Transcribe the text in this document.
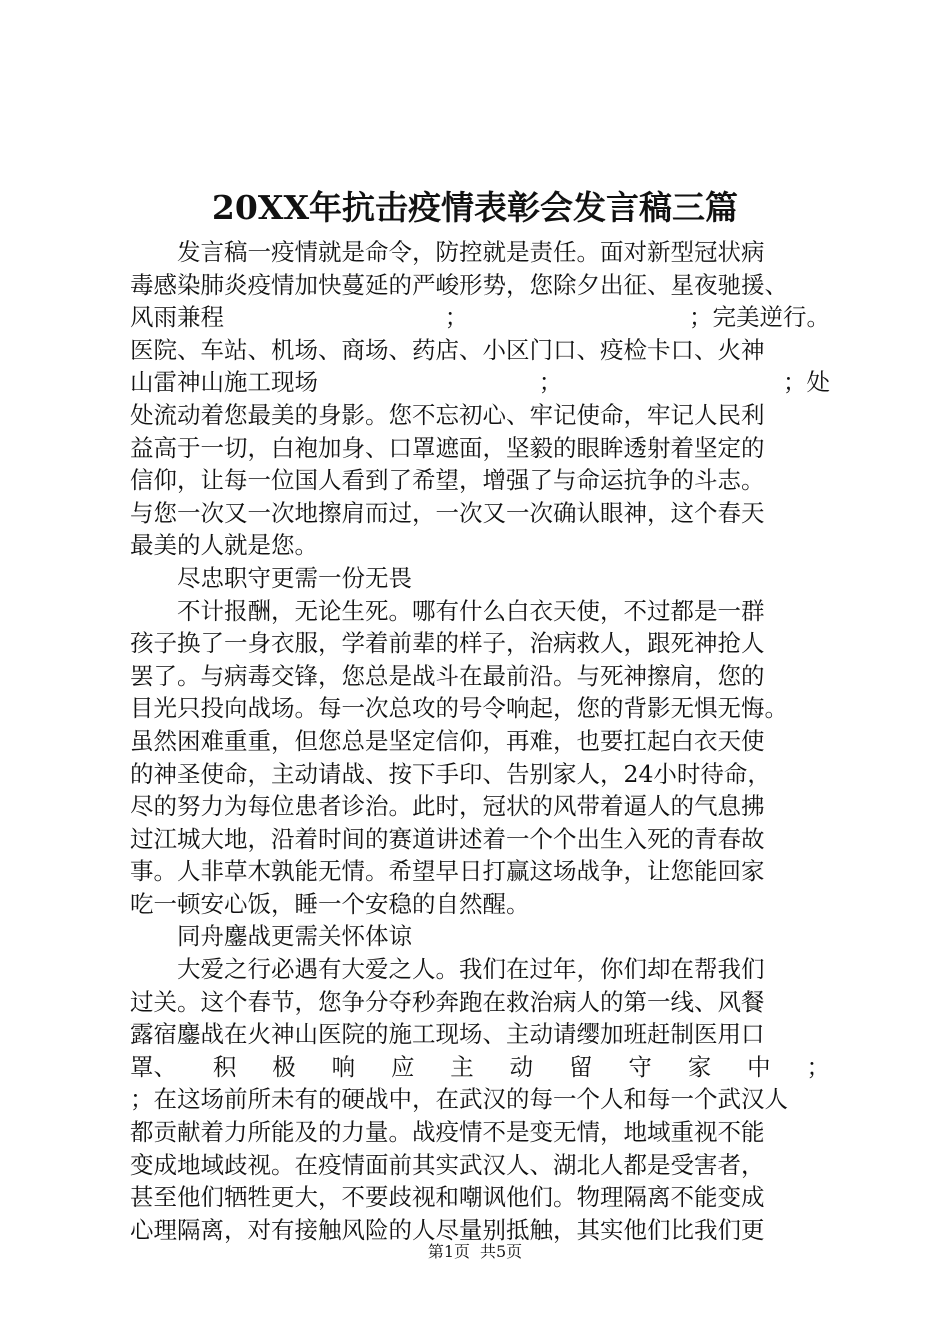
20XX年抗击疫情表彰会发言稿三篇
发言稿一疫情就是命令，防控就是责任。面对新型冠状病
毒感染肺炎疫情加快蔓延的严峻形势，您除夕出征、星夜驰援、
风雨兼程	；	；完美逆行。
医院、车站、机场、商场、药店、小区门口、疫检卡口、火神
山雷神山施工现场	；	；处
处流动着您最美的身影。您不忘初心、牢记使命，牢记人民利
益高于一切，白袍加身、口罩遮面，坚毅的眼眸透射着坚定的
信仰，让每一位国人看到了希望，增强了与命运抗争的斗志。
与您一次又一次地擦肩而过，一次又一次确认眼神，这个春天
最美的人就是您。
尽忠职守更需一份无畏
不计报酬，无论生死。哪有什么白衣天使，不过都是一群
孩子换了一身衣服，学着前辈的样子，治病救人，跟死神抢人
罢了。与病毒交锋，您总是战斗在最前沿。与死神擦肩，您的
目光只投向战场。每一次总攻的号令响起，您的背影无惧无悔。
虽然困难重重，但您总是坚定信仰，再难，也要扛起白衣天使
的神圣使命，主动请战、按下手印、告别家人，24小时待命，
尽的努力为每位患者诊治。此时，冠状的风带着逼人的气息拂
过江城大地，沿着时间的赛道讲述着一个个出生入死的青春故
事。人非草木孰能无情。希望早日打赢这场战争，让您能回家
吃一顿安心饭，睡一个安稳的自然醒。
同舟鏖战更需关怀体谅
大爱之行必遇有大爱之人。我们在过年，你们却在帮我们
过关。这个春节，您争分夺秒奔跑在救治病人的第一线、风餐
露宿鏖战在火神山医院的施工现场、主动请缨加班赶制医用口
罩、 积 极 响 应 主 动 留 守 家 中 ；
；在这场前所未有的硬战中，在武汉的每一个人和每一个武汉人
都贡献着力所能及的力量。战疫情不是变无情，地域重视不能
变成地域歧视。在疫情面前其实武汉人、湖北人都是受害者，
甚至他们牺牲更大，不要歧视和嘲讽他们。物理隔离不能变成
心理隔离，对有接触风险的人尽量别抵触，其实他们比我们更
第1页 共5页
